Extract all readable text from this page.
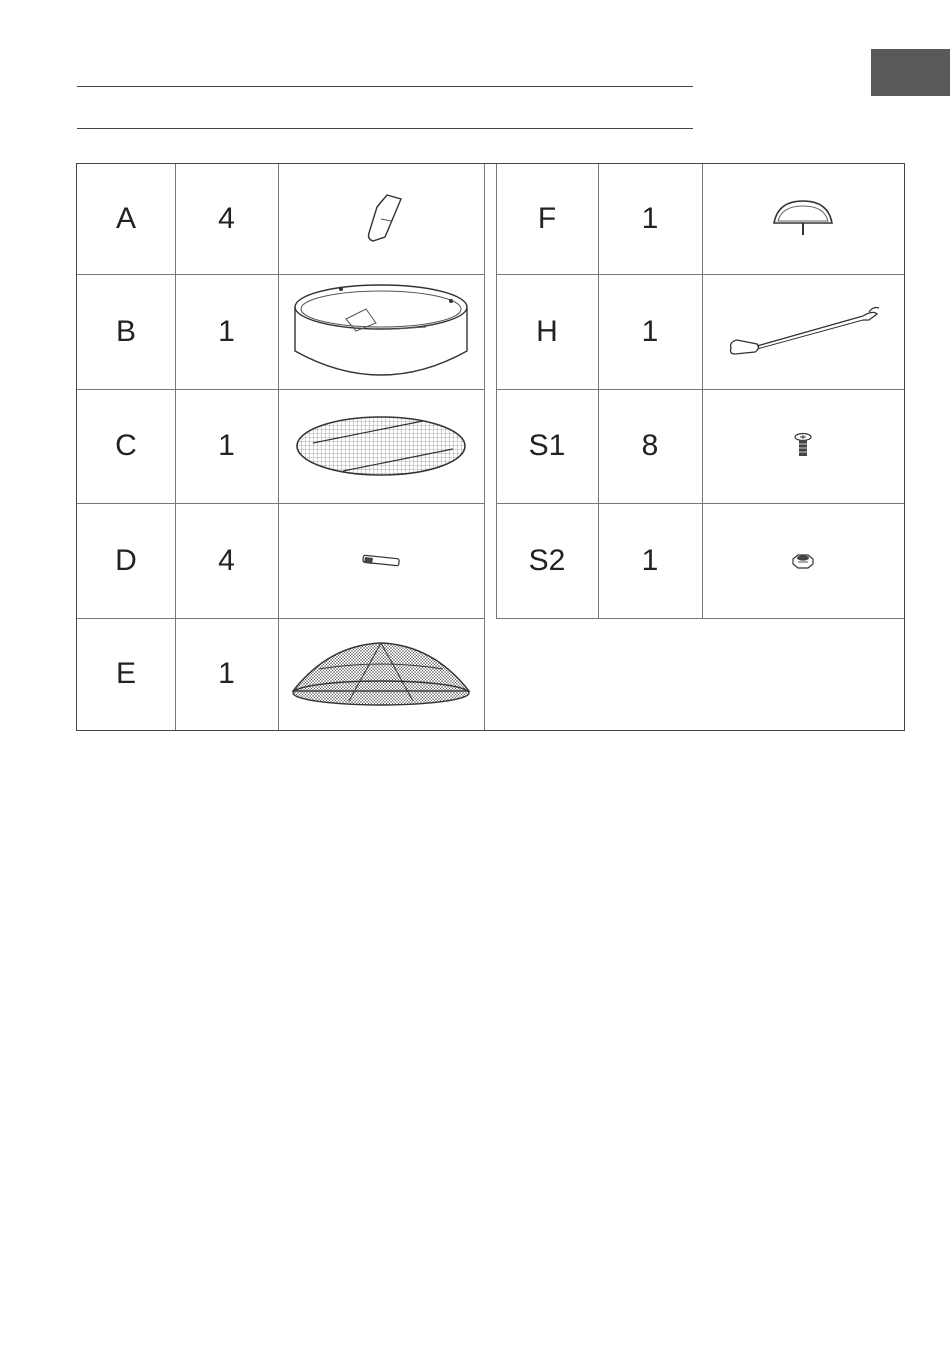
A	4
B	1
C	1
D	4
E	1
F	1
H	1
S1	8
S2	1
